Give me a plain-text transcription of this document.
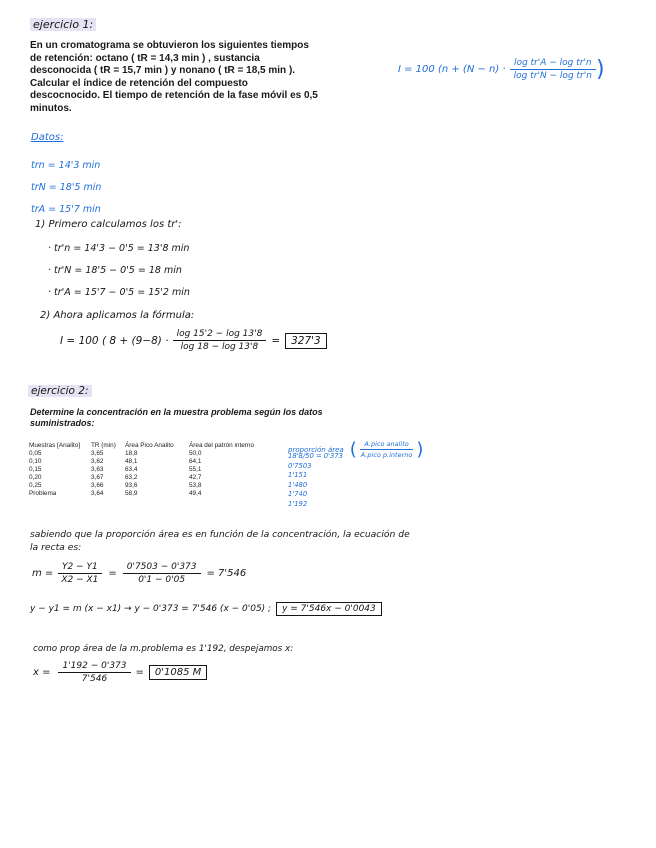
ejercicio 1:
En un cromatograma se obtuvieron los siguientes tiempos
de retención: octano ( tR = 14,3 min ) , sustancia
desconocida ( tR = 15,7 min ) y nonano ( tR = 18,5 min ).
Calcular el índice de retención del compuesto
descocnocido. El tiempo de retención de la fase móvil es 0,5
minutos.
I = 100 ($n + (N - n) \cdot \frac{\text{log tr'A − log tr'n}}{\text{log tr'N − log tr'n}}$ )
Datos:
trn = 14'3 min
trN = 18'5 min
trA = 15'7 min
1) Primero calculamos los tr':
· tr'n = 14'3 − 0'5 = 13'8 min
· tr'N = 18'5 − 0'5 = 18 min
· tr'A = 15'7 − 0'5 = 15'2 min
2) Ahora aplicamos la fórmula:
I = 100 ( $8 + (9-8) \cdot \frac{\log 15'2 - \log 13'8}{\log 18 - \log 13'8}$ =	327'3
ejercicio 2:
Determine la concentración en la muestra problema según los datos
suministrados:
Muestras [Analito]	TR (min)	Área Pico Analito	Área del patrón interno
0,05	3,65	18,8	50,0
0,10	3,62	48,1	64,1
0,15	3,63	63,4	55,1
0,20	3,67	63,2	42,7
0,25	3,66	93,6	53,8
Problema	3,64	58,9	49,4
proporción área ( $\frac{\text{A.pico analito}}{\text{A.pico p.interno}}$ )
18'8/50 = 0'373
0'7503
1'151
1'480
1'740
1'192
sabiendo que la proporción área es en función de la concentración, la ecuación de
la recta es:
$m = \frac{Y2 - Y1}{X2 - X1} = \frac{0'7503 - 0'373}{0'1 - 0'05} = 7'546$
y − y1 = m (x − x1) → y − 0'373 = 7'546 (x − 0'05) ;	y = 7'546x − 0'0043
como prop área de la m.problema es 1'192, despejamos x:
$x = \frac{1'192 - 0'373}{7'546}$ =	0'1085 M
